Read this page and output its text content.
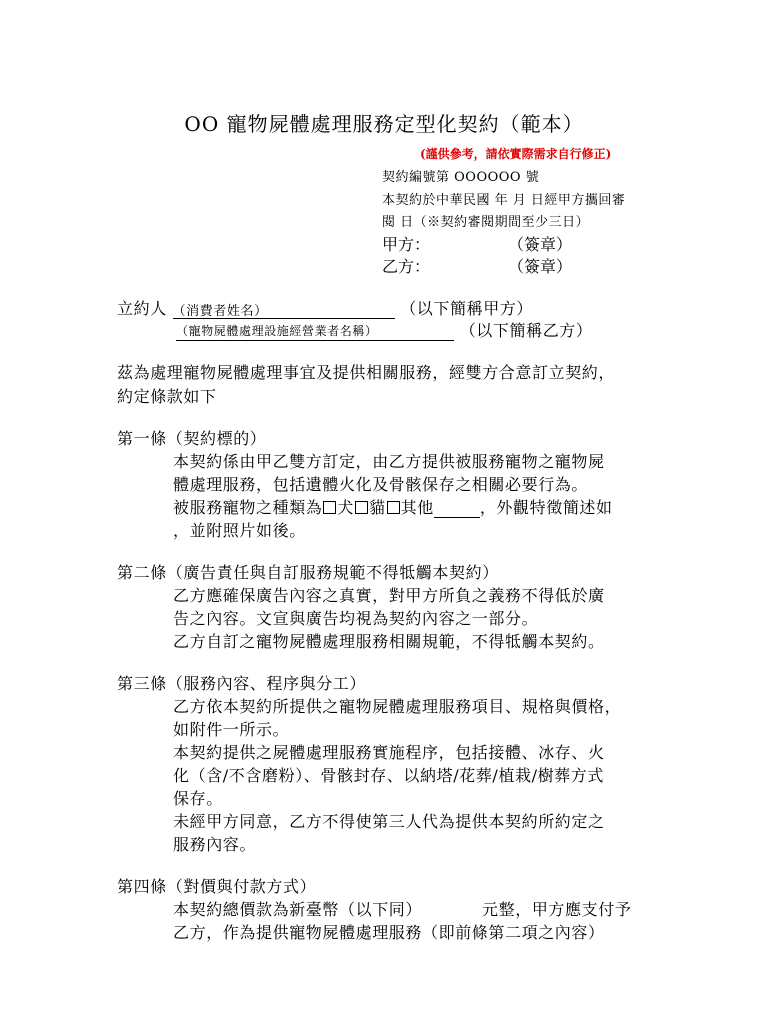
OO 寵物屍體處理服務定型化契約（範本）
(謹供參考，請依實際需求自行修正)
契約編號第 OOOOOO 號
本契約於中華民國 年 月 日經甲方攜回審
閱 日（※契約審閱期間至少三日）
甲方：	（簽章）
乙方：	（簽章）
立約人 （消費者姓名）	（以下簡稱甲方）
（寵物屍體處理設施經營業者名稱）	（以下簡稱乙方）
茲為處理寵物屍體處理事宜及提供相關服務，經雙方合意訂立契約，
約定條款如下
第一條（契約標的）
本契約係由甲乙雙方訂定，由乙方提供被服務寵物之寵物屍
體處理服務，包括遺體火化及骨骸保存之相關必要行為。
被服務寵物之種類為 犬 貓 其他	，外觀特徵簡述如
，並附照片如後。
第二條（廣告責任與自訂服務規範不得牴觸本契約）
乙方應確保廣告內容之真實，對甲方所負之義務不得低於廣
告之內容。文宣與廣告均視為契約內容之一部分。
乙方自訂之寵物屍體處理服務相關規範，不得牴觸本契約。
第三條（服務內容、程序與分工）
乙方依本契約所提供之寵物屍體處理服務項目、規格與價格，
如附件一所示。
本契約提供之屍體處理服務實施程序，包括接體、冰存、火
化（含/不含磨粉）、骨骸封存、以納塔/花葬/植栽/樹葬方式
保存。
未經甲方同意，乙方不得使第三人代為提供本契約所約定之
服務內容。
第四條（對價與付款方式）
本契約總價款為新臺幣（以下同）	元整，甲方應支付予
乙方，作為提供寵物屍體處理服務（即前條第二項之內容）
